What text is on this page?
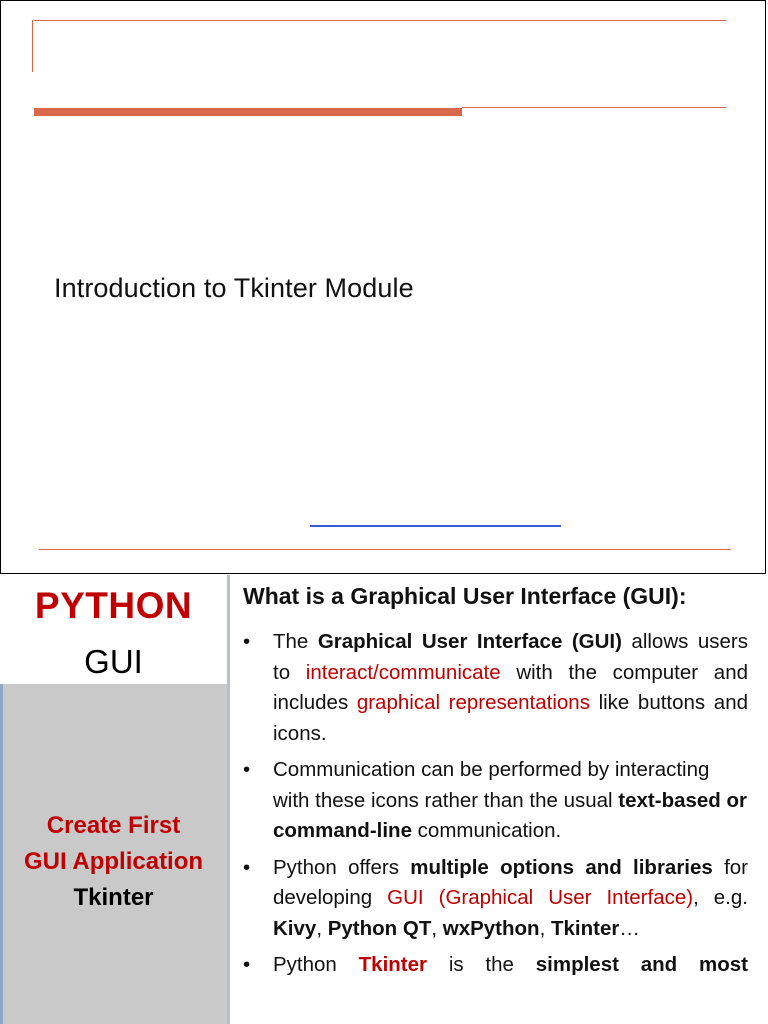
Introduction to Tkinter Module
PYTHON
GUI
Create First
GUI Application
Tkinter
What is a Graphical User Interface (GUI):
• The Graphical User Interface (GUI) allows users to interact/communicate with the computer and includes graphical representations like buttons and icons.
• Communication can be performed by interacting with these icons rather than the usual text-based or command-line communication.
• Python offers multiple options and libraries for developing GUI (Graphical User Interface), e.g. Kivy, Python QT, wxPython, Tkinter…
• Python Tkinter is the simplest and most
